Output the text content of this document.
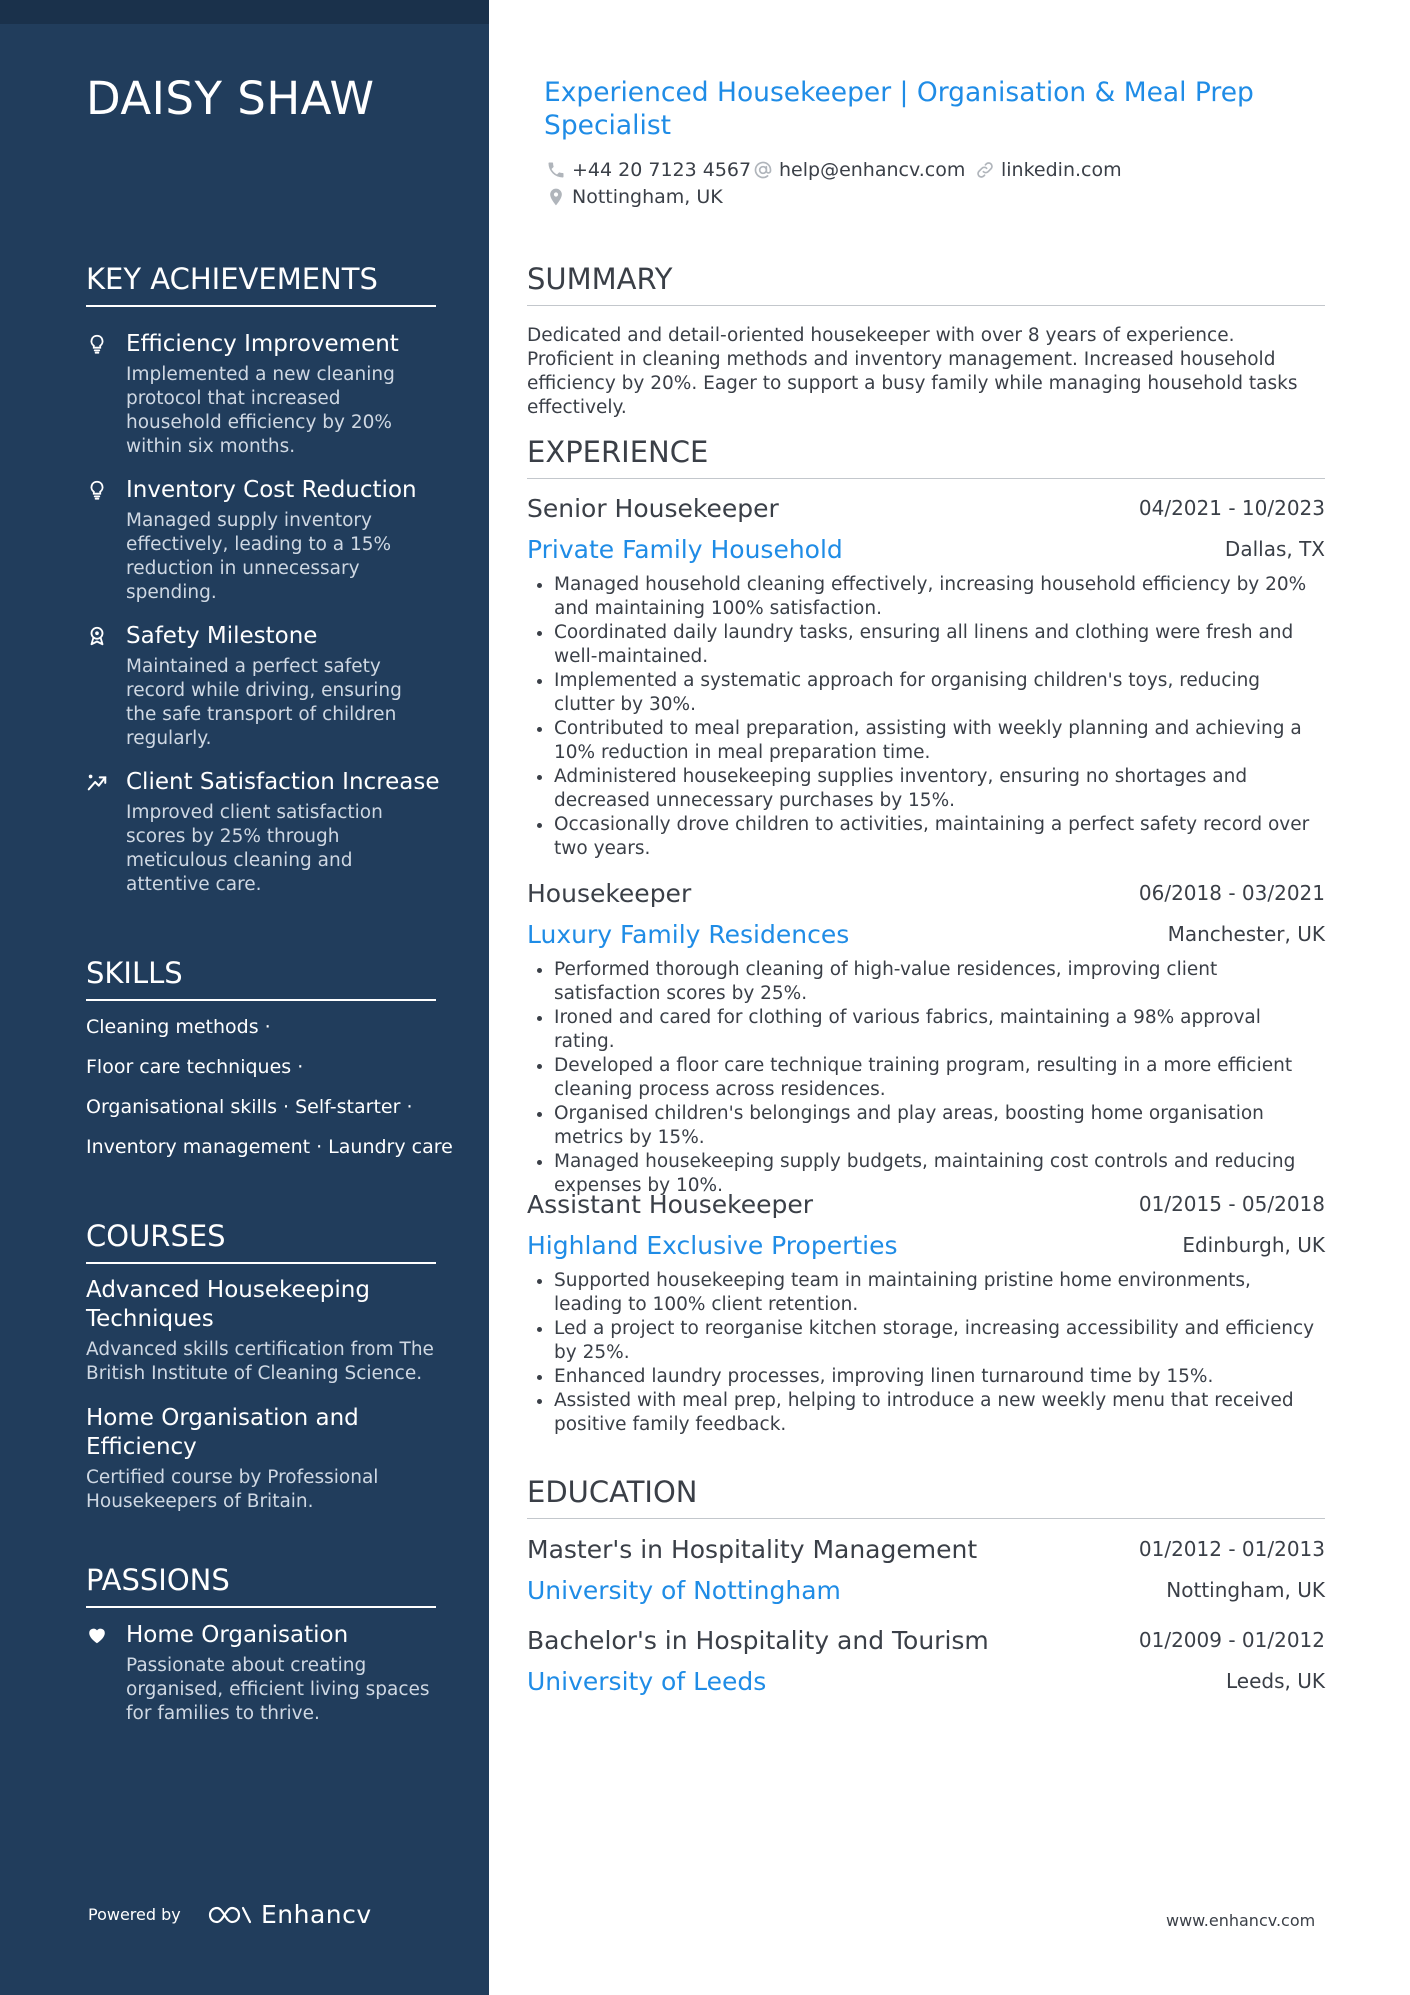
DAISY SHAW
KEY ACHIEVEMENTS
Efficiency Improvement
Implemented a new cleaning protocol that increased household efficiency by 20% within six months.
Inventory Cost Reduction
Managed supply inventory effectively, leading to a 15% reduction in unnecessary spending.
Safety Milestone
Maintained a perfect safety record while driving, ensuring the safe transport of children regularly.
Client Satisfaction Increase
Improved client satisfaction scores by 25% through meticulous cleaning and attentive care.
SKILLS
Cleaning methods ·
Floor care techniques ·
Organisational skills · Self-starter ·
Inventory management · Laundry care
COURSES
Advanced Housekeeping Techniques
Advanced skills certification from The British Institute of Cleaning Science.
Home Organisation and Efficiency
Certified course by Professional Housekeepers of Britain.
PASSIONS
Home Organisation
Passionate about creating organised, efficient living spaces for families to thrive.
Powered by	Enhancv
Experienced Housekeeper | Organisation & Meal Prep Specialist
+44 20 7123 4567 help@enhancv.com linkedin.com
Nottingham, UK
SUMMARY
Dedicated and detail-oriented housekeeper with over 8 years of experience. Proficient in cleaning methods and inventory management. Increased household efficiency by 20%. Eager to support a busy family while managing household tasks effectively.
EXPERIENCE
Senior Housekeeper	04/2021 - 10/2023
Private Family Household	Dallas, TX
Managed household cleaning effectively, increasing household efficiency by 20% and maintaining 100% satisfaction.
Coordinated daily laundry tasks, ensuring all linens and clothing were fresh and well-maintained.
Implemented a systematic approach for organising children's toys, reducing clutter by 30%.
Contributed to meal preparation, assisting with weekly planning and achieving a 10% reduction in meal preparation time.
Administered housekeeping supplies inventory, ensuring no shortages and decreased unnecessary purchases by 15%.
Occasionally drove children to activities, maintaining a perfect safety record over two years.
Housekeeper	06/2018 - 03/2021
Luxury Family Residences	Manchester, UK
Performed thorough cleaning of high-value residences, improving client satisfaction scores by 25%.
Ironed and cared for clothing of various fabrics, maintaining a 98% approval rating.
Developed a floor care technique training program, resulting in a more efficient cleaning process across residences.
Organised children's belongings and play areas, boosting home organisation metrics by 15%.
Managed housekeeping supply budgets, maintaining cost controls and reducing expenses by 10%.
Assistant Housekeeper	01/2015 - 05/2018
Highland Exclusive Properties	Edinburgh, UK
Supported housekeeping team in maintaining pristine home environments, leading to 100% client retention.
Led a project to reorganise kitchen storage, increasing accessibility and efficiency by 25%.
Enhanced laundry processes, improving linen turnaround time by 15%.
Assisted with meal prep, helping to introduce a new weekly menu that received positive family feedback.
EDUCATION
Master's in Hospitality Management	01/2012 - 01/2013
University of Nottingham	Nottingham, UK
Bachelor's in Hospitality and Tourism	01/2009 - 01/2012
University of Leeds	Leeds, UK
www.enhancv.com
